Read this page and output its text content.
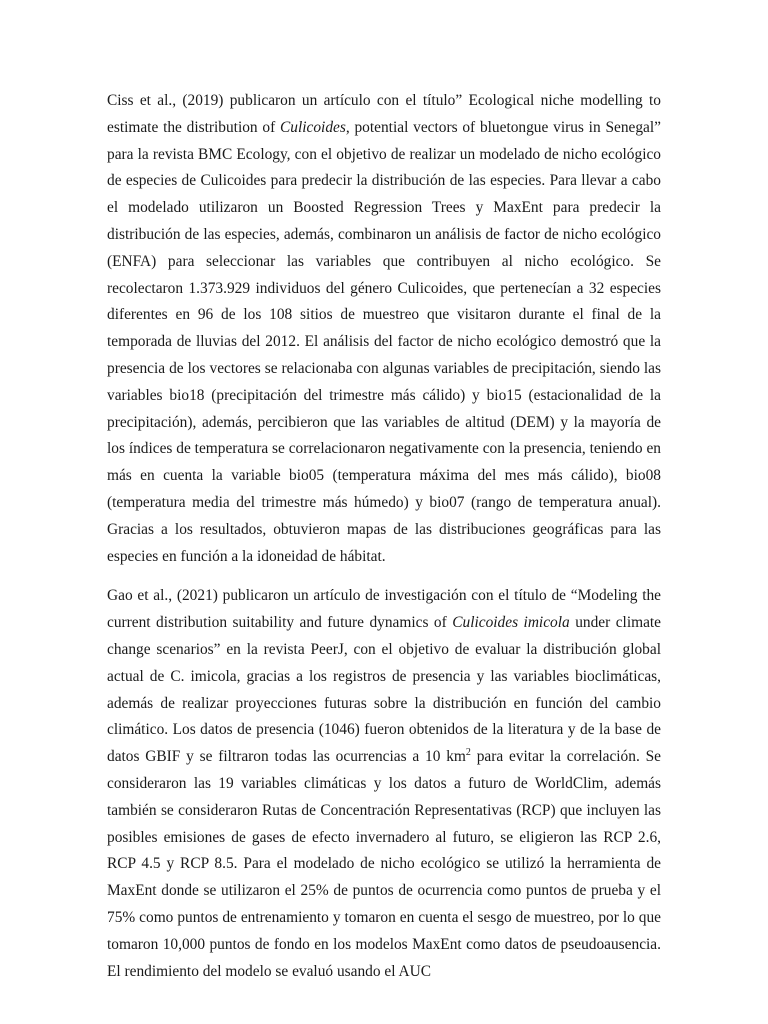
Ciss et al., (2019) publicaron un artículo con el título” Ecological niche modelling to estimate the distribution of Culicoides, potential vectors of bluetongue virus in Senegal” para la revista BMC Ecology, con el objetivo de realizar un modelado de nicho ecológico de especies de Culicoides para predecir la distribución de las especies. Para llevar a cabo el modelado utilizaron un Boosted Regression Trees y MaxEnt para predecir la distribución de las especies, además, combinaron un análisis de factor de nicho ecológico (ENFA) para seleccionar las variables que contribuyen al nicho ecológico. Se recolectaron 1.373.929 individuos del género Culicoides, que pertenecían a 32 especies diferentes en 96 de los 108 sitios de muestreo que visitaron durante el final de la temporada de lluvias del 2012. El análisis del factor de nicho ecológico demostró que la presencia de los vectores se relacionaba con algunas variables de precipitación, siendo las variables bio18 (precipitación del trimestre más cálido) y bio15 (estacionalidad de la precipitación), además, percibieron que las variables de altitud (DEM) y la mayoría de los índices de temperatura se correlacionaron negativamente con la presencia, teniendo en más en cuenta la variable bio05 (temperatura máxima del mes más cálido), bio08 (temperatura media del trimestre más húmedo) y bio07 (rango de temperatura anual). Gracias a los resultados, obtuvieron mapas de las distribuciones geográficas para las especies en función a la idoneidad de hábitat.

Gao et al., (2021) publicaron un artículo de investigación con el título de “Modeling the current distribution suitability and future dynamics of Culicoides imicola under climate change scenarios” en la revista PeerJ, con el objetivo de evaluar la distribución global actual de C. imicola, gracias a los registros de presencia y las variables bioclimáticas, además de realizar proyecciones futuras sobre la distribución en función del cambio climático. Los datos de presencia (1046) fueron obtenidos de la literatura y de la base de datos GBIF y se filtraron todas las ocurrencias a 10 $km^2$ para evitar la correlación. Se consideraron las 19 variables climáticas y los datos a futuro de WorldClim, además también se consideraron Rutas de Concentración Representativas (RCP) que incluyen las posibles emisiones de gases de efecto invernadero al futuro, se eligieron las RCP 2.6, RCP 4.5 y RCP 8.5. Para el modelado de nicho ecológico se utilizó la herramienta de MaxEnt donde se utilizaron el 25% de puntos de ocurrencia como puntos de prueba y el 75% como puntos de entrenamiento y tomaron en cuenta el sesgo de muestreo, por lo que tomaron 10,000 puntos de fondo en los modelos MaxEnt como datos de pseudoausencia. El rendimiento del modelo se evaluó usando el AUC
